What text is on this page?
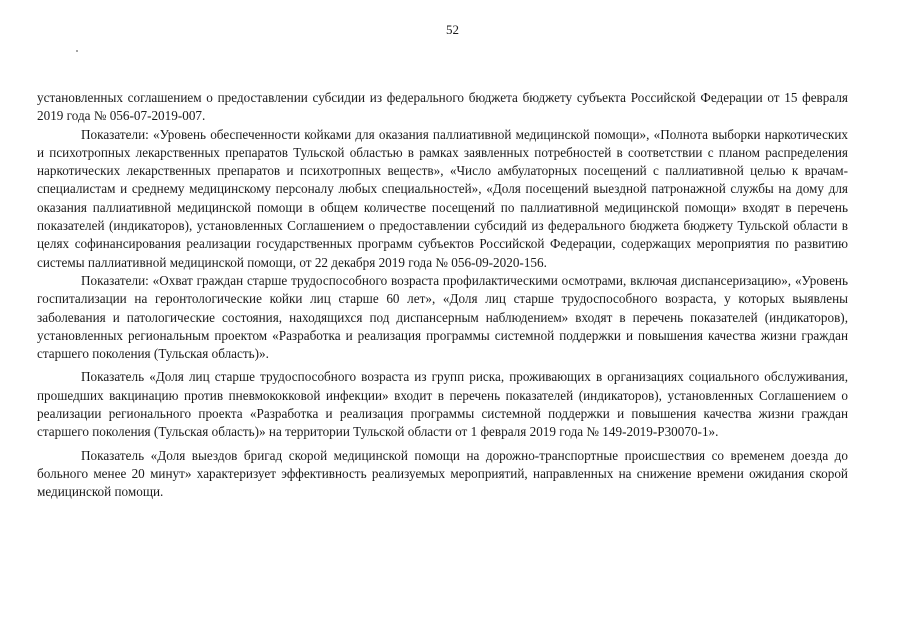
52

установленных соглашением о предоставлении субсидии из федерального бюджета бюджету субъекта Российской Федерации от 15 февраля 2019 года № 056-07-2019-007.

Показатели: «Уровень обеспеченности койками для оказания паллиативной медицинской помощи», «Полнота выборки наркотических и психотропных лекарственных препаратов Тульской областью в рамках заявленных потребностей в соответствии с планом распределения наркотических лекарственных препаратов и психотропных веществ», «Число амбулаторных посещений с паллиативной целью к врачам-специалистам и среднему медицинскому персоналу любых специальностей», «Доля посещений выездной патронажной службы на дому для оказания паллиативной медицинской помощи в общем количестве посещений по паллиативной медицинской помощи» входят в перечень показателей (индикаторов), установленных Соглашением о предоставлении субсидий из федерального бюджета бюджету Тульской области в целях софинансирования реализации государственных программ субъектов Российской Федерации, содержащих мероприятия по развитию системы паллиативной медицинской помощи, от 22 декабря 2019 года № 056-09-2020-156.

Показатели: «Охват граждан старше трудоспособного возраста профилактическими осмотрами, включая диспансеризацию», «Уровень госпитализации на геронтологические койки лиц старше 60 лет», «Доля лиц старше трудоспособного возраста, у которых выявлены заболевания и патологические состояния, находящихся под диспансерным наблюдением» входят в перечень показателей (индикаторов), установленных региональным проектом «Разработка и реализация программы системной поддержки и повышения качества жизни граждан старшего поколения (Тульская область)».

Показатель «Доля лиц старше трудоспособного возраста из групп риска, проживающих в организациях социального обслуживания, прошедших вакцинацию против пневмококковой инфекции» входит в перечень показателей (индикаторов), установленных Соглашением о реализации регионального проекта «Разработка и реализация программы системной поддержки и повышения качества жизни граждан старшего поколения (Тульская область)» на территории Тульской области от 1 февраля 2019 года № 149-2019-Р30070-1».

Показатель «Доля выездов бригад скорой медицинской помощи на дорожно-транспортные происшествия со временем доезда до больного менее 20 минут» характеризует эффективность реализуемых мероприятий, направленных на снижение времени ожидания скорой медицинской помощи.
